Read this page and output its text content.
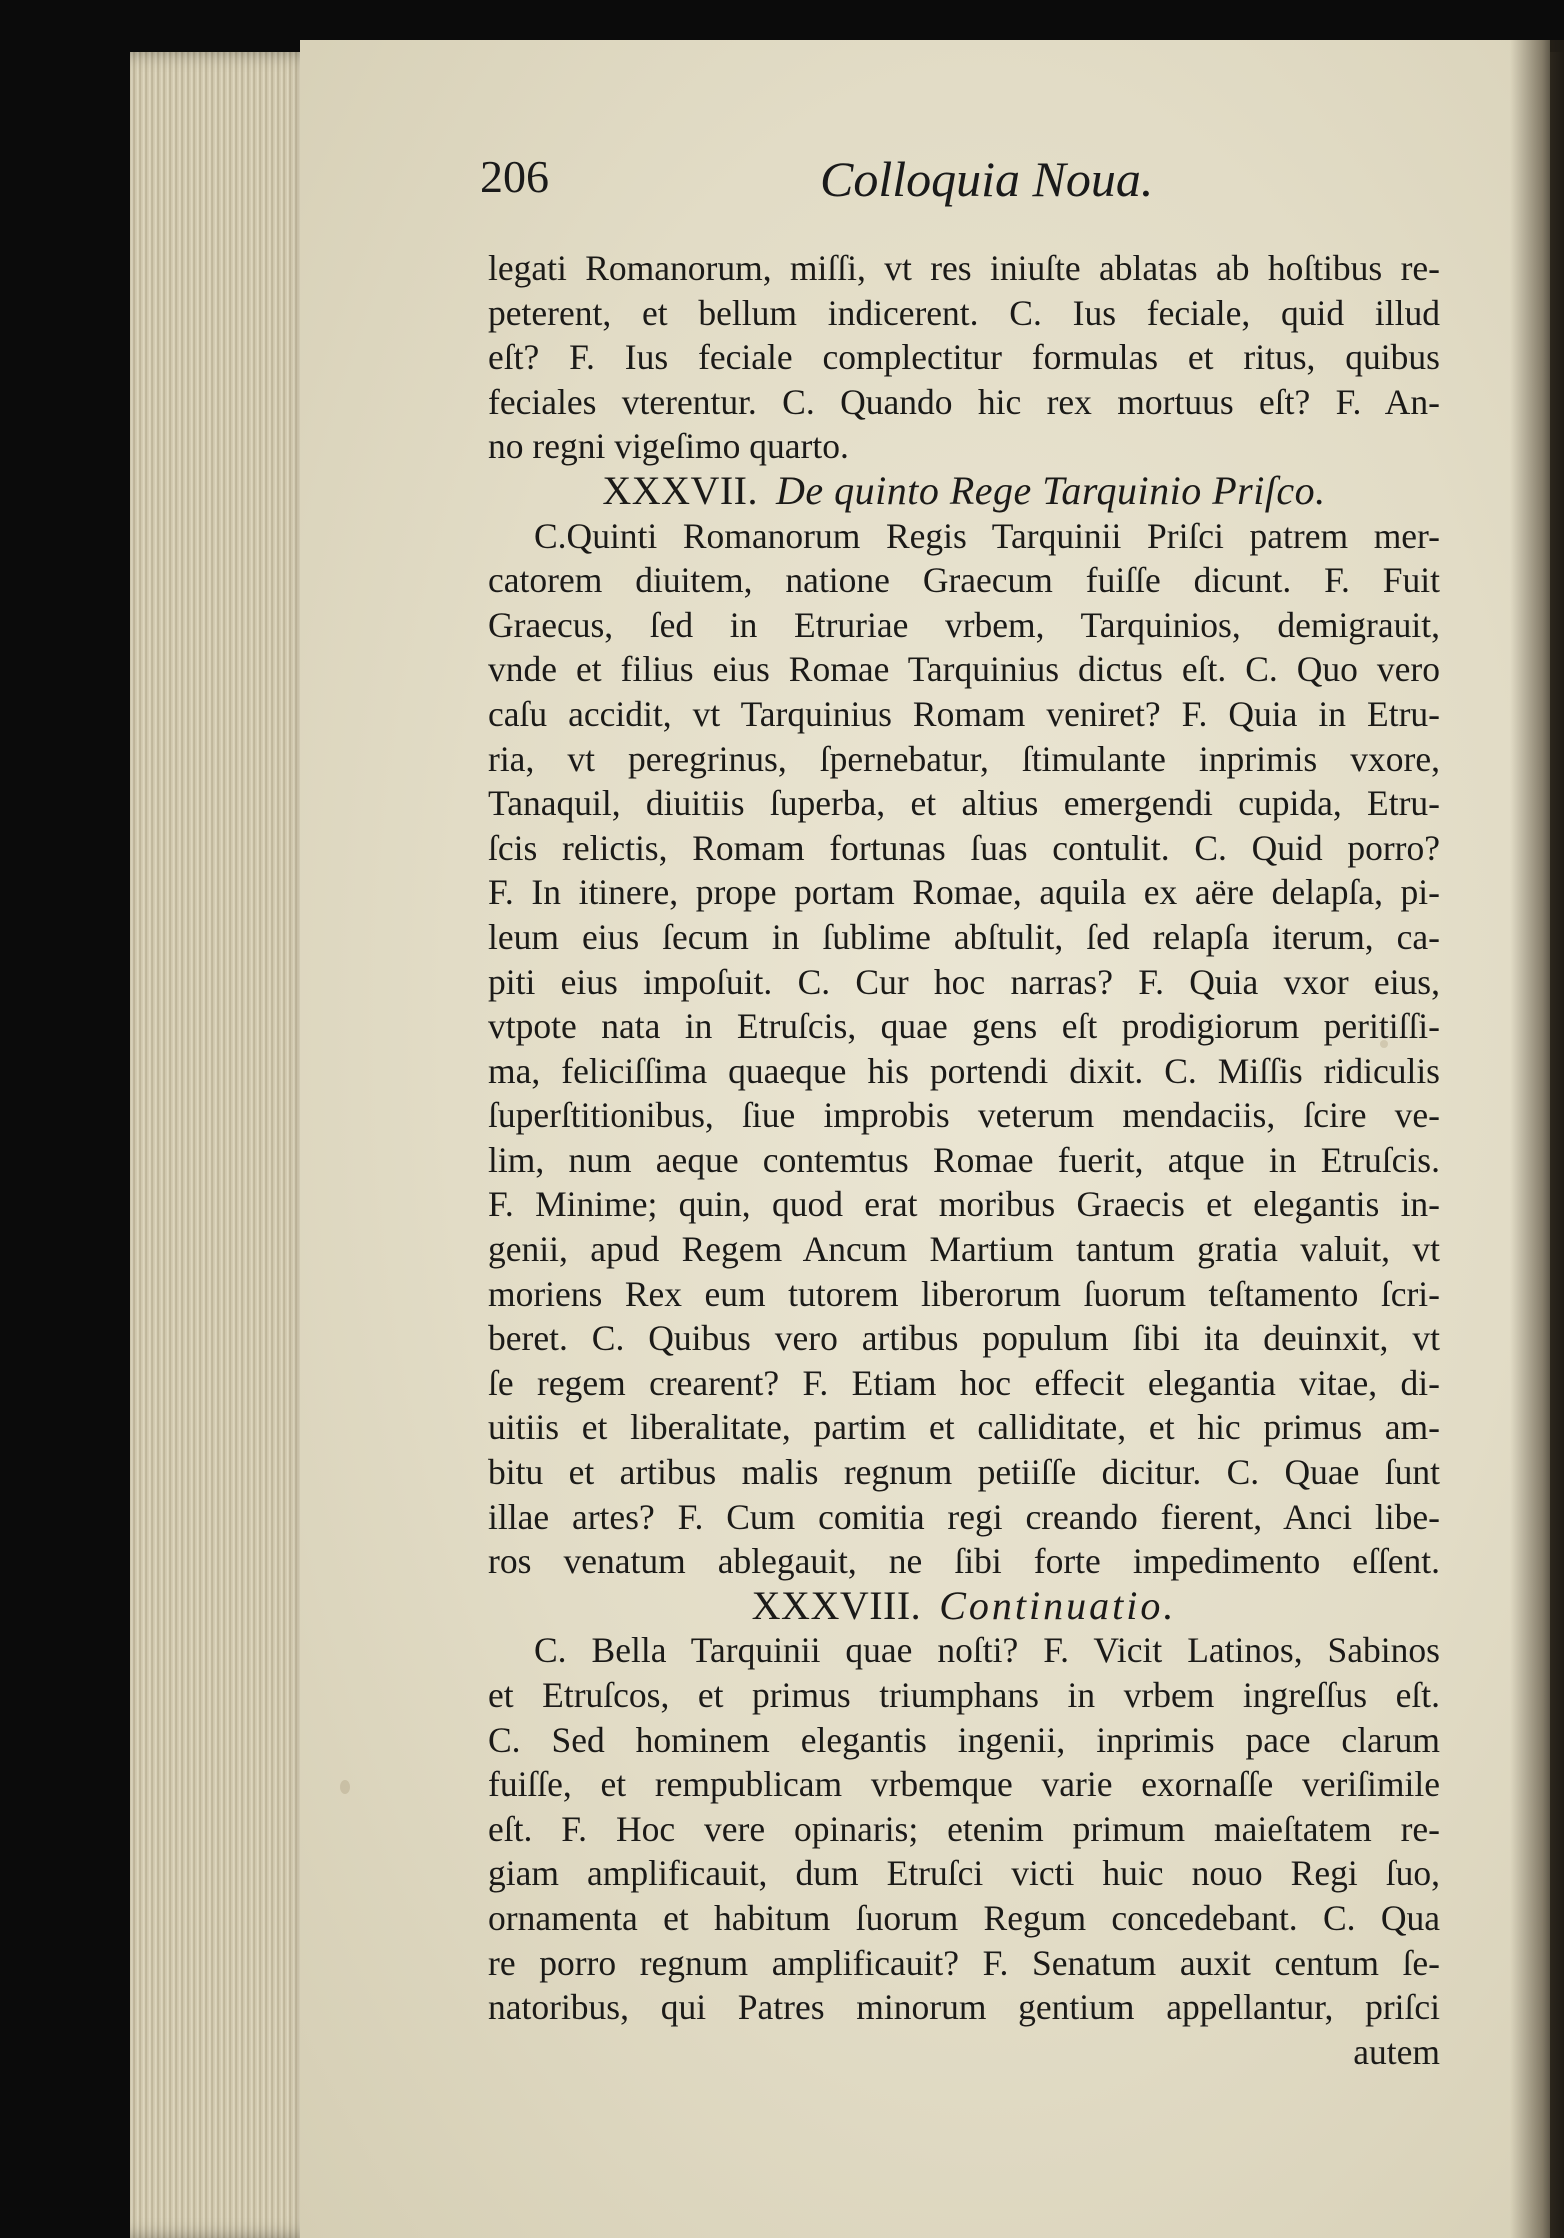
206	Colloquia Noua.
legati Romanorum, miſſi, vt res iniuſte ablatas ab hoſtibus re-
peterent, et bellum indicerent. C. Ius feciale, quid illud
eſt? F. Ius feciale complectitur formulas et ritus, quibus
feciales vterentur. C. Quando hic rex mortuus eſt? F. An-
no regni vigeſimo quarto.
XXXVII. De quinto Rege Tarquinio Priſco.
C.Quinti Romanorum Regis Tarquinii Priſci patrem mer-
catorem diuitem, natione Graecum fuiſſe dicunt. F. Fuit
Graecus, ſed in Etruriae vrbem, Tarquinios, demigrauit,
vnde et filius eius Romae Tarquinius dictus eſt. C. Quo vero
caſu accidit, vt Tarquinius Romam veniret? F. Quia in Etru-
ria, vt peregrinus, ſpernebatur, ſtimulante inprimis vxore,
Tanaquil, diuitiis ſuperba, et altius emergendi cupida, Etru-
ſcis relictis, Romam fortunas ſuas contulit. C. Quid porro?
F. In itinere, prope portam Romae, aquila ex aëre delapſa, pi-
leum eius ſecum in ſublime abſtulit, ſed relapſa iterum, ca-
piti eius impoſuit. C. Cur hoc narras? F. Quia vxor eius,
vtpote nata in Etruſcis, quae gens eſt prodigiorum peritiſſi-
ma, feliciſſima quaeque his portendi dixit. C. Miſſis ridiculis
ſuperſtitionibus, ſiue improbis veterum mendaciis, ſcire ve-
lim, num aeque contemtus Romae fuerit, atque in Etruſcis.
F. Minime; quin, quod erat moribus Graecis et elegantis in-
genii, apud Regem Ancum Martium tantum gratia valuit, vt
moriens Rex eum tutorem liberorum ſuorum teſtamento ſcri-
beret. C. Quibus vero artibus populum ſibi ita deuinxit, vt
ſe regem crearent? F. Etiam hoc effecit elegantia vitae, di-
uitiis et liberalitate, partim et calliditate, et hic primus am-
bitu et artibus malis regnum petiiſſe dicitur. C. Quae ſunt
illae artes? F. Cum comitia regi creando fierent, Anci libe-
ros venatum ablegauit, ne ſibi forte impedimento eſſent.
XXXVIII. Continuatio.
C. Bella Tarquinii quae noſti? F. Vicit Latinos, Sabinos
et Etruſcos, et primus triumphans in vrbem ingreſſus eſt.
C. Sed hominem elegantis ingenii, inprimis pace clarum
fuiſſe, et rempublicam vrbemque varie exornaſſe veriſimile
eſt. F. Hoc vere opinaris; etenim primum maieſtatem re-
giam amplificauit, dum Etruſci victi huic nouo Regi ſuo,
ornamenta et habitum ſuorum Regum concedebant. C. Qua
re porro regnum amplificauit? F. Senatum auxit centum ſe-
natoribus, qui Patres minorum gentium appellantur, priſci
autem
